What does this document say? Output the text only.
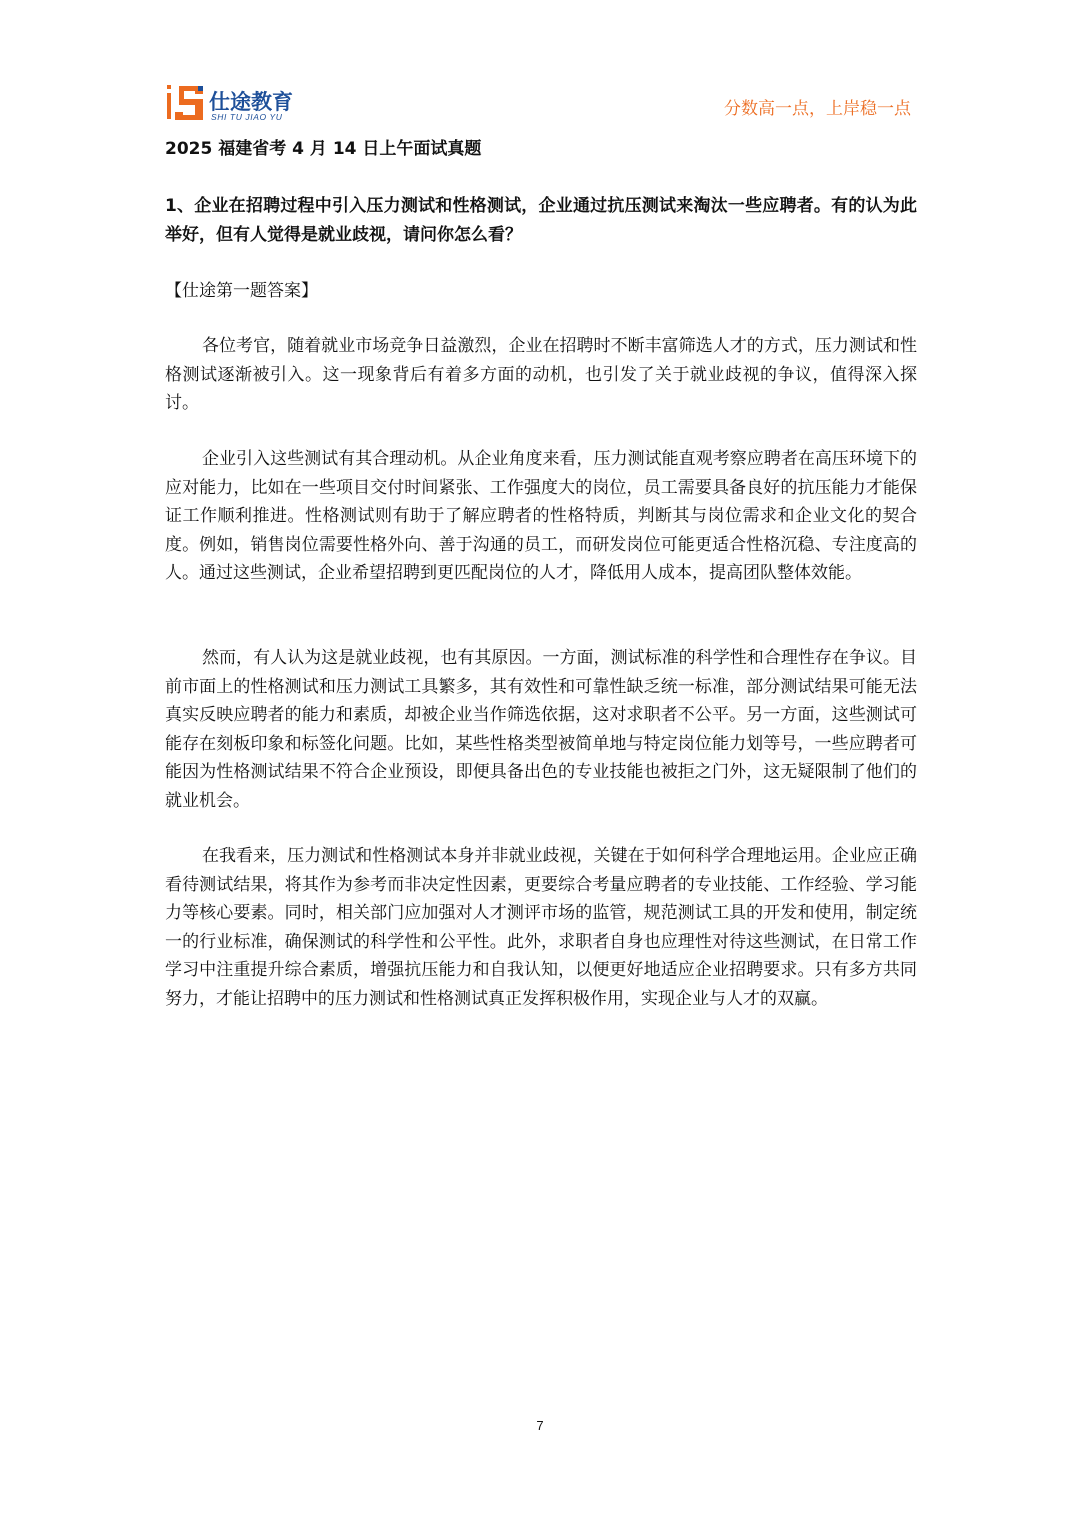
仕途教育
SHI TU JIAO YU	分数高一点，上岸稳一点
2025 福建省考 4 月 14 日上午面试真题
1、企业在招聘过程中引入压力测试和性格测试，企业通过抗压测试来淘汰一些应聘者。有的认为此举好，但有人觉得是就业歧视，请问你怎么看？
【仕途第一题答案】

各位考官，随着就业市场竞争日益激烈，企业在招聘时不断丰富筛选人才的方式，压力测试和性格测试逐渐被引入。这一现象背后有着多方面的动机，也引发了关于就业歧视的争议，值得深入探讨。

企业引入这些测试有其合理动机。从企业角度来看，压力测试能直观考察应聘者在高压环境下的应对能力，比如在一些项目交付时间紧张、工作强度大的岗位，员工需要具备良好的抗压能力才能保证工作顺利推进。性格测试则有助于了解应聘者的性格特质，判断其与岗位需求和企业文化的契合度。例如，销售岗位需要性格外向、善于沟通的员工，而研发岗位可能更适合性格沉稳、专注度高的人。通过这些测试，企业希望招聘到更匹配岗位的人才，降低用人成本，提高团队整体效能。

然而，有人认为这是就业歧视，也有其原因。一方面，测试标准的科学性和合理性存在争议。目前市面上的性格测试和压力测试工具繁多，其有效性和可靠性缺乏统一标准，部分测试结果可能无法真实反映应聘者的能力和素质，却被企业当作筛选依据，这对求职者不公平。另一方面，这些测试可能存在刻板印象和标签化问题。比如，某些性格类型被简单地与特定岗位能力划等号，一些应聘者可能因为性格测试结果不符合企业预设，即便具备出色的专业技能也被拒之门外，这无疑限制了他们的就业机会。

在我看来，压力测试和性格测试本身并非就业歧视，关键在于如何科学合理地运用。企业应正确看待测试结果，将其作为参考而非决定性因素，更要综合考量应聘者的专业技能、工作经验、学习能力等核心要素。同时，相关部门应加强对人才测评市场的监管，规范测试工具的开发和使用，制定统一的行业标准，确保测试的科学性和公平性。此外，求职者自身也应理性对待这些测试，在日常工作学习中注重提升综合素质，增强抗压能力和自我认知，以便更好地适应企业招聘要求。只有多方共同努力，才能让招聘中的压力测试和性格测试真正发挥积极作用，实现企业与人才的双赢。

7
